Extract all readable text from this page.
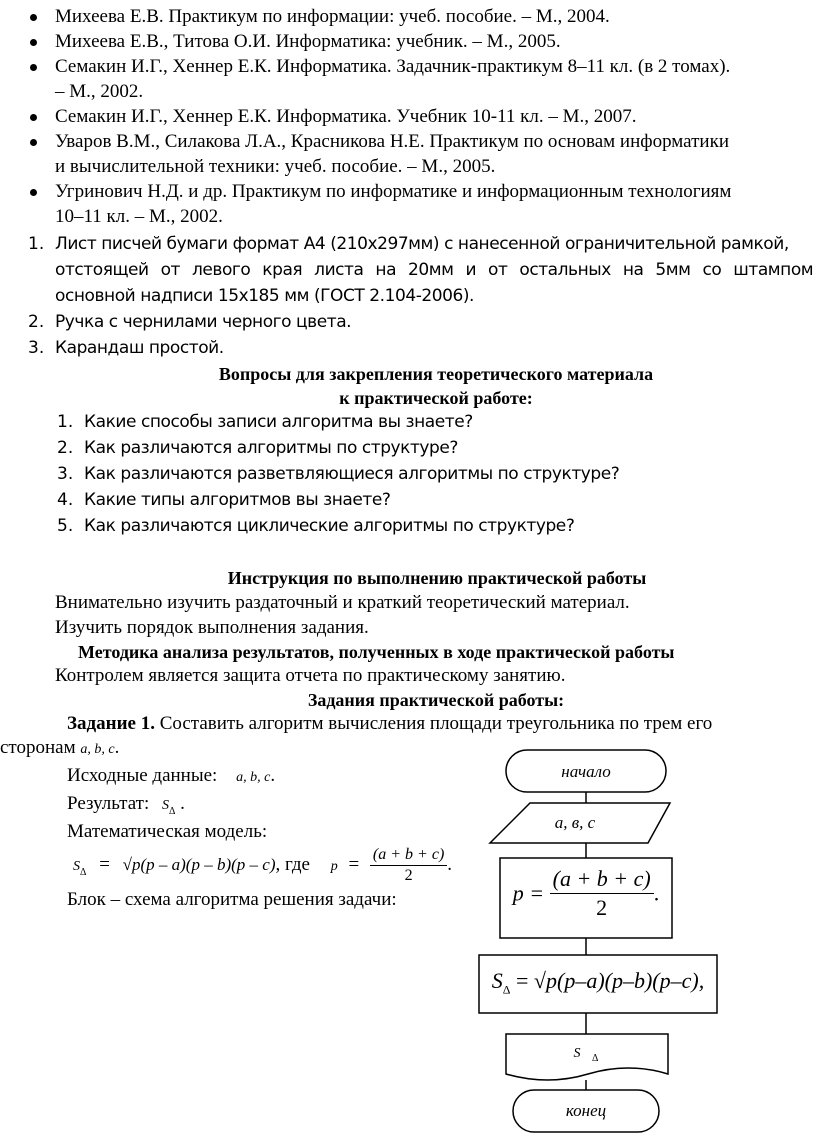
Михеева Е.В. Практикум по информации: учеб. пособие. – М., 2004.
Михеева Е.В., Титова О.И. Информатика: учебник. – М., 2005.
Семакин И.Г., Хеннер Е.К. Информатика. Задачник-практикум 8–11 кл. (в 2 томах).
– М., 2002.
Семакин И.Г., Хеннер Е.К. Информатика. Учебник 10-11 кл. – М., 2007.
Уваров В.М., Силакова Л.А., Красникова Н.Е. Практикум по основам информатики
и вычислительной техники: учеб. пособие. – М., 2005.
Угринович Н.Д. и др. Практикум по информатике и информационным технологиям
10–11 кл. – М., 2002.
1. Лист писчей бумаги формат А4 (210х297мм) с нанесенной ограничительной рамкой,
отстоящей от левого края листа на 20мм и от остальных на 5мм со штампом
основной надписи 15х185 мм (ГОСТ 2.104-2006).
2. Ручка с чернилами черного цвета.
3. Карандаш простой.
Вопросы для закрепления теоретического материала
к практической работе:
1. Какие способы записи алгоритма вы знаете?
2. Как различаются алгоритмы по структуре?
3. Как различаются разветвляющиеся алгоритмы по структуре?
4. Какие типы алгоритмов вы знаете?
5. Как различаются циклические алгоритмы по структуре?
Инструкция по выполнению практической работы
Внимательно изучить раздаточный и краткий теоретический материал.
Изучить порядок выполнения задания.
Методика анализа результатов, полученных в ходе практической работы
Контролем является защита отчета по практическому занятию.
Задания практической работы:
Задание 1. Составить алгоритм вычисления площади треугольника по трем его
сторонам a, b, c.
Исходные данные: a, b, c.
Результат: $S_\Delta$ .
Математическая модель:
$S_\Delta = √p(p - a)(p - b)(p - c)$, где $p = \frac{(a + b + c)}{2}$ .
Блок – схема алгоритма решения задачи:
начало
а, в, с
$p = \frac{(a + b + c)}{2}$ .
$S_\Delta = √p(p-a)(p-b)(p-c)$,
S $_\Delta$
конец
